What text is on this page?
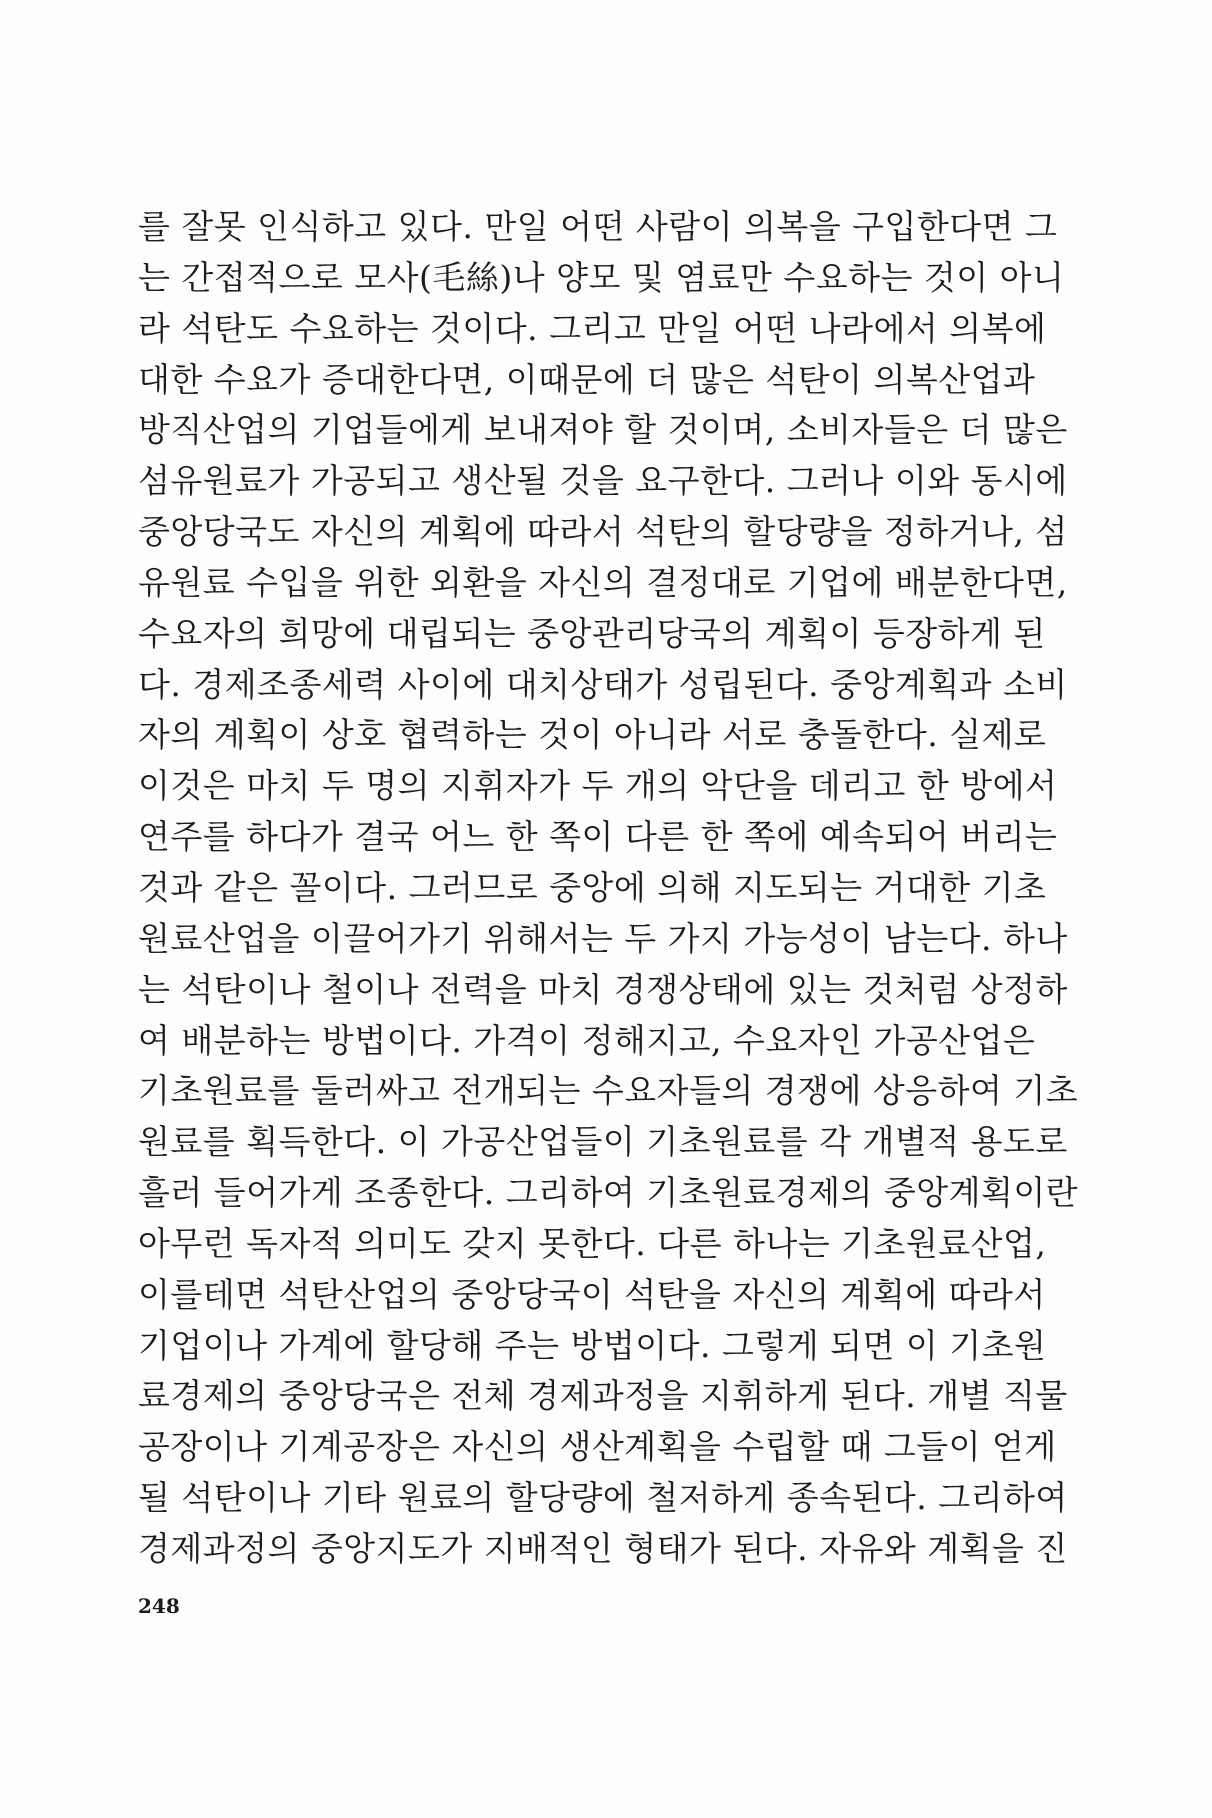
를 잘못 인식하고 있다. 만일 어떤 사람이 의복을 구입한다면 그
는 간접적으로 모사(毛絲)나 양모 및 염료만 수요하는 것이 아니
라 석탄도 수요하는 것이다. 그리고 만일 어떤 나라에서 의복에
대한 수요가 증대한다면, 이때문에 더 많은 석탄이 의복산업과
방직산업의 기업들에게 보내져야 할 것이며, 소비자들은 더 많은
섬유원료가 가공되고 생산될 것을 요구한다. 그러나 이와 동시에
중앙당국도 자신의 계획에 따라서 석탄의 할당량을 정하거나, 섬
유원료 수입을 위한 외환을 자신의 결정대로 기업에 배분한다면,
수요자의 희망에 대립되는 중앙관리당국의 계획이 등장하게 된
다. 경제조종세력 사이에 대치상태가 성립된다. 중앙계획과 소비
자의 계획이 상호 협력하는 것이 아니라 서로 충돌한다. 실제로
이것은 마치 두 명의 지휘자가 두 개의 악단을 데리고 한 방에서
연주를 하다가 결국 어느 한 쪽이 다른 한 쪽에 예속되어 버리는
것과 같은 꼴이다. 그러므로 중앙에 의해 지도되는 거대한 기초
원료산업을 이끌어가기 위해서는 두 가지 가능성이 남는다. 하나
는 석탄이나 철이나 전력을 마치 경쟁상태에 있는 것처럼 상정하
여 배분하는 방법이다. 가격이 정해지고, 수요자인 가공산업은
기초원료를 둘러싸고 전개되는 수요자들의 경쟁에 상응하여 기초
원료를 획득한다. 이 가공산업들이 기초원료를 각 개별적 용도로
흘러 들어가게 조종한다. 그리하여 기초원료경제의 중앙계획이란
아무런 독자적 의미도 갖지 못한다. 다른 하나는 기초원료산업,
이를테면 석탄산업의 중앙당국이 석탄을 자신의 계획에 따라서
기업이나 가계에 할당해 주는 방법이다. 그렇게 되면 이 기초원
료경제의 중앙당국은 전체 경제과정을 지휘하게 된다. 개별 직물
공장이나 기계공장은 자신의 생산계획을 수립할 때 그들이 얻게
될 석탄이나 기타 원료의 할당량에 철저하게 종속된다. 그리하여
경제과정의 중앙지도가 지배적인 형태가 된다. 자유와 계획을 진
248
